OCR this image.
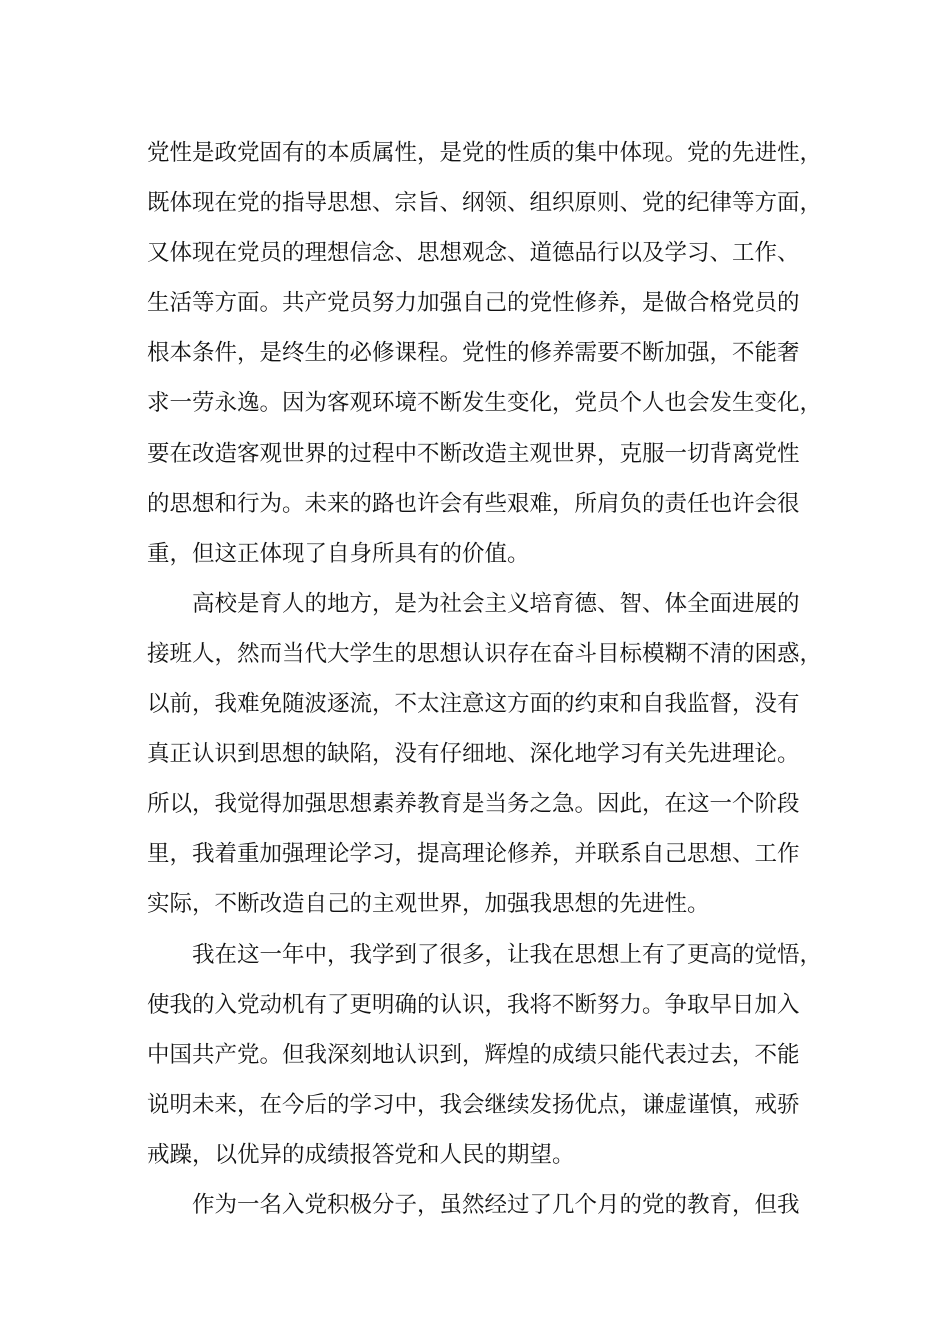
党性是政党固有的本质属性，是党的性质的集中体现。党的先进性，
既体现在党的指导思想、宗旨、纲领、组织原则、党的纪律等方面，
又体现在党员的理想信念、思想观念、道德品行以及学习、工作、
生活等方面。共产党员努力加强自己的党性修养，是做合格党员的
根本条件，是终生的必修课程。党性的修养需要不断加强，不能奢
求一劳永逸。因为客观环境不断发生变化，党员个人也会发生变化，
要在改造客观世界的过程中不断改造主观世界，克服一切背离党性
的思想和行为。未来的路也许会有些艰难，所肩负的责任也许会很
重，但这正体现了自身所具有的价值。
高校是育人的地方，是为社会主义培育德、智、体全面进展的
接班人，然而当代大学生的思想认识存在奋斗目标模糊不清的困惑，
以前，我难免随波逐流，不太注意这方面的约束和自我监督，没有
真正认识到思想的缺陷，没有仔细地、深化地学习有关先进理论。
所以，我觉得加强思想素养教育是当务之急。因此，在这一个阶段
里，我着重加强理论学习，提高理论修养，并联系自己思想、工作
实际，不断改造自己的主观世界，加强我思想的先进性。
我在这一年中，我学到了很多，让我在思想上有了更高的觉悟，
使我的入党动机有了更明确的认识，我将不断努力。争取早日加入
中国共产党。但我深刻地认识到，辉煌的成绩只能代表过去，不能
说明未来，在今后的学习中，我会继续发扬优点，谦虚谨慎，戒骄
戒躁，以优异的成绩报答党和人民的期望。
作为一名入党积极分子，虽然经过了几个月的党的教育，但我
